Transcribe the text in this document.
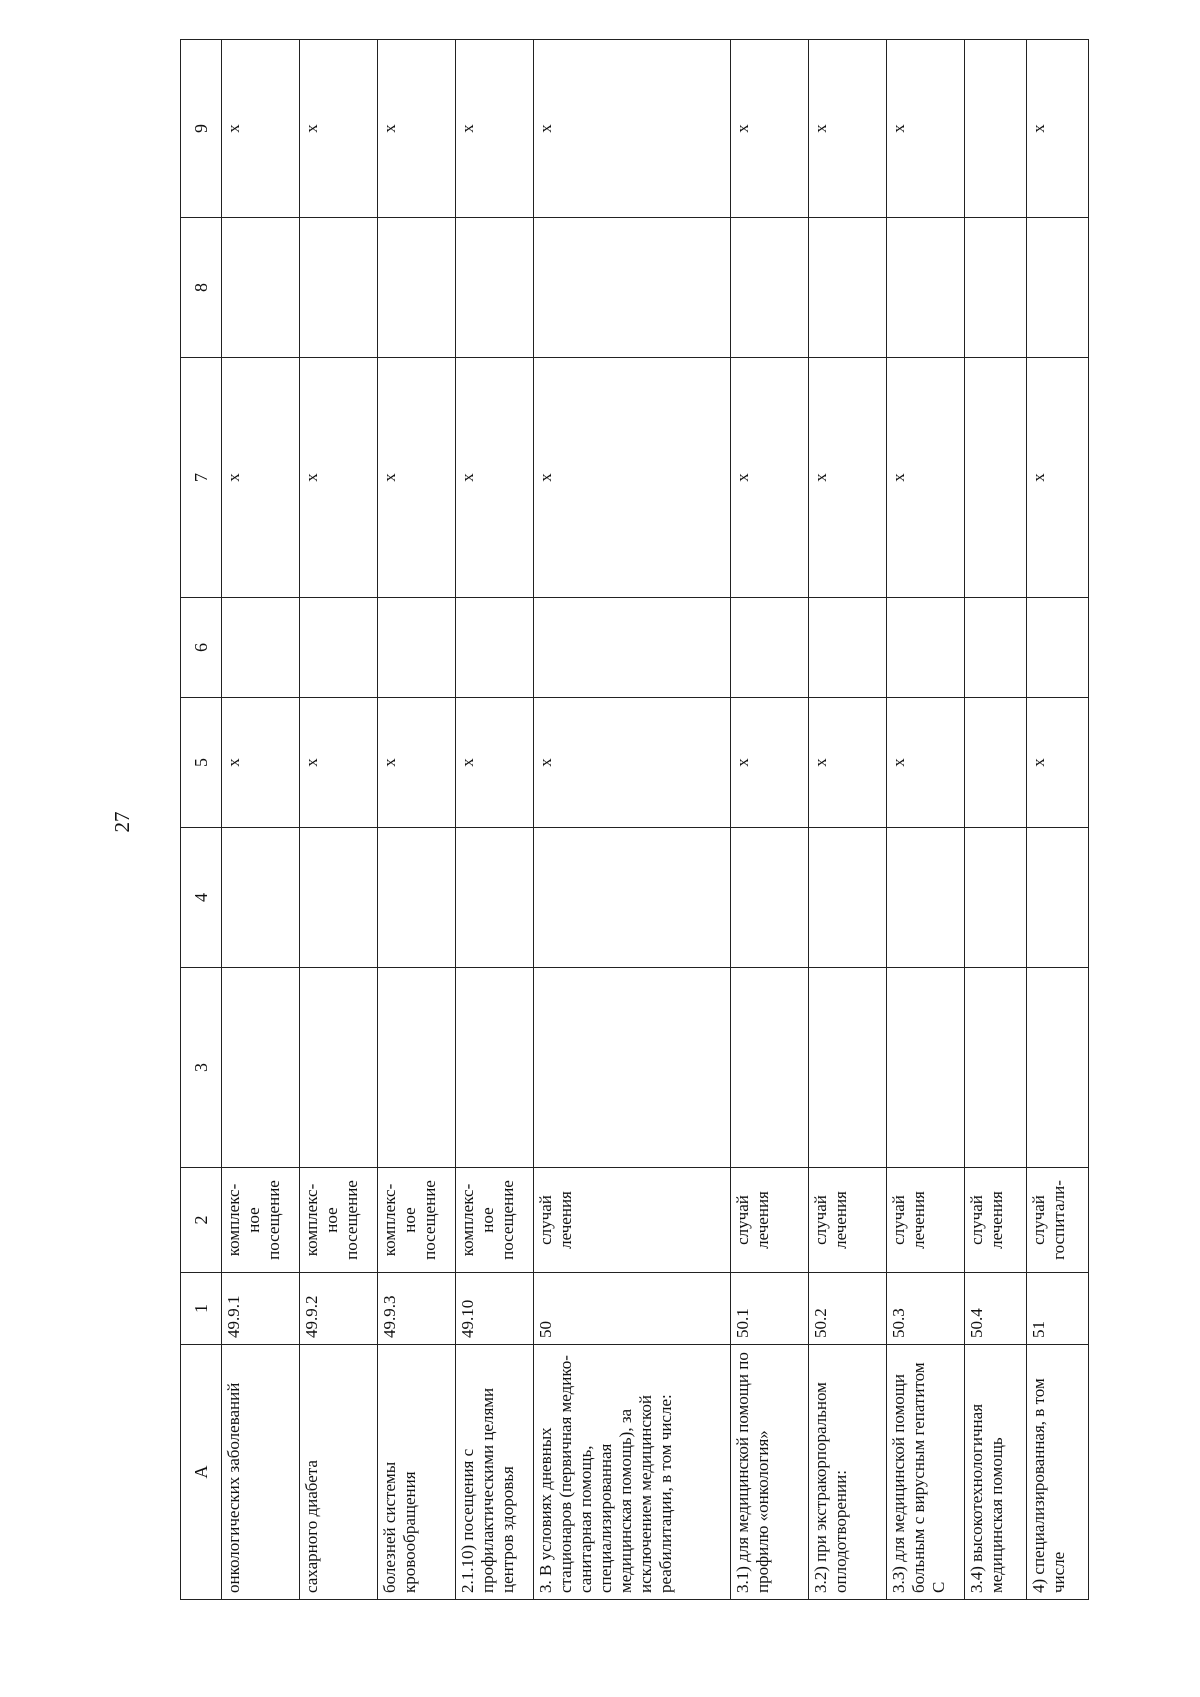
27
A	1	2	3	4	5	6	7	8	9
онкологических заболеваний	49.9.1	комплекс-
ное
посещение			x		x		x
сахарного диабета	49.9.2	комплекс-
ное
посещение			x		x		x
болезней системы кровообращения	49.9.3	комплекс-
ное
посещение			x		x		x
2.1.10) посещения с профилактическими целями центров здоровья	49.10	комплекс-
ное
посещение			x		x		x
3. В условиях дневных стационаров (первичная медико-санитарная помощь, специализированная медицинская помощь), за исключением медицинской реабилитации, в том числе:	50	случай
лечения			x		x		x
3.1) для медицинской помощи по профилю «онкология»	50.1	случай
лечения			x		x		x
3.2) при экстракорпоральном оплодотворении:	50.2	случай
лечения			x		x		x
3.3) для медицинской помощи больным с вирусным гепатитом С	50.3	случай
лечения			x		x		x
3.4) высокотехнологичная медицинская помощь	50.4	случай
лечения							
4) специализированная, в том числе	51	случай
госпитали-			x		x		x
